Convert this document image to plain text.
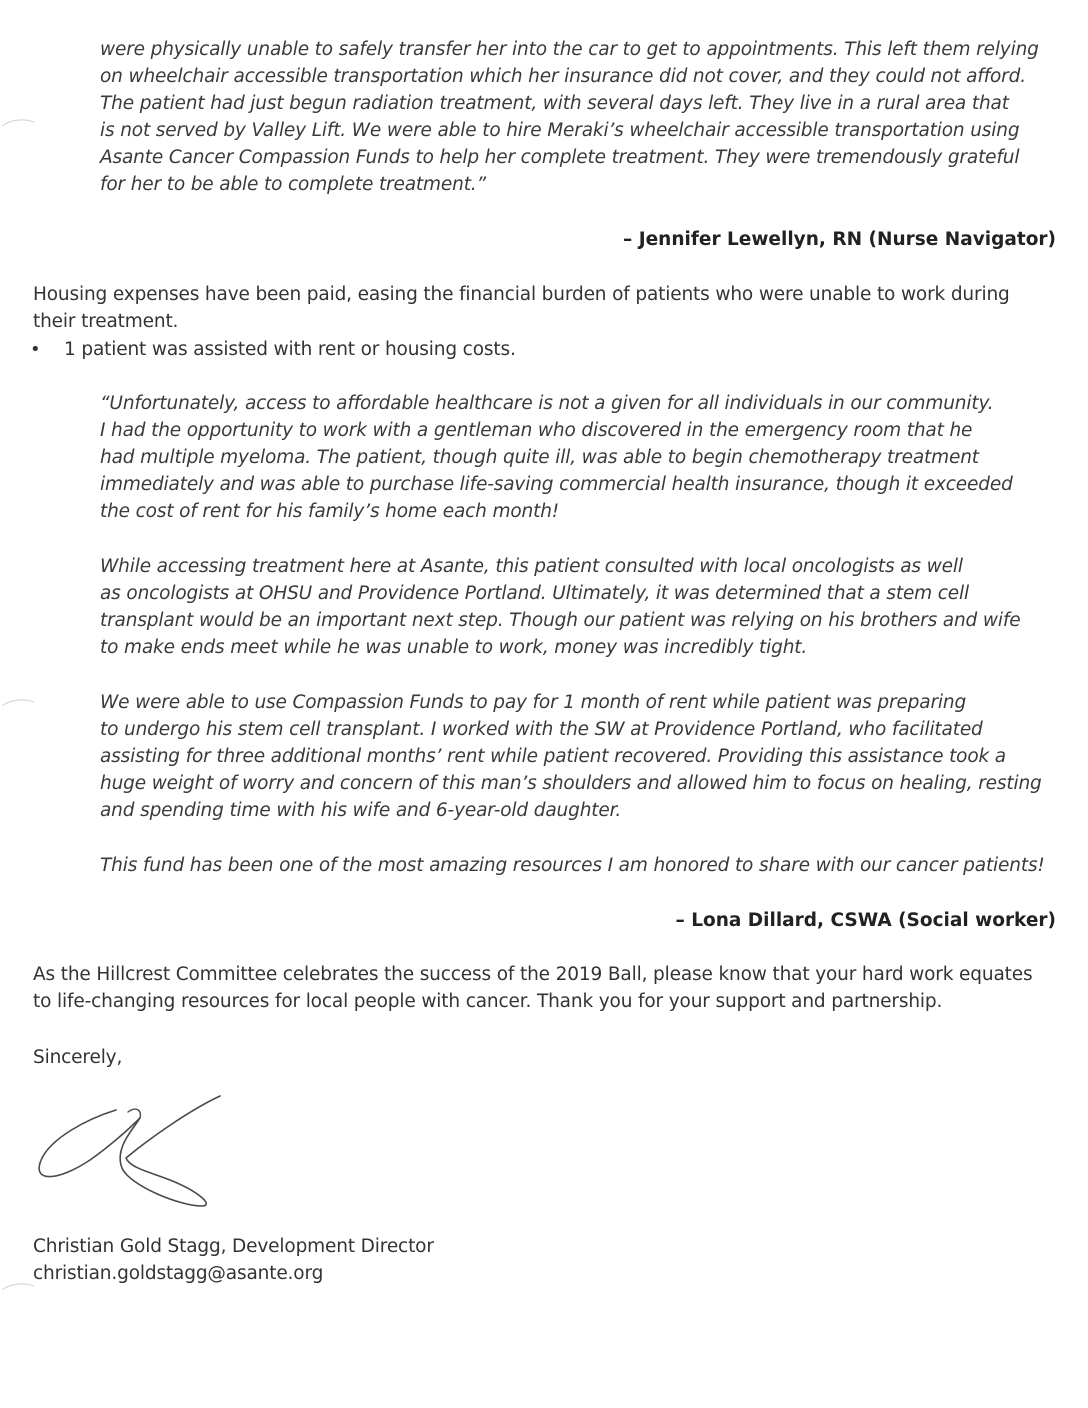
were physically unable to safely transfer her into the car to get to appointments. This left them relying
on wheelchair accessible transportation which her insurance did not cover, and they could not afford.
The patient had just begun radiation treatment, with several days left. They live in a rural area that
is not served by Valley Lift. We were able to hire Meraki’s wheelchair accessible transportation using
Asante Cancer Compassion Funds to help her complete treatment. They were tremendously grateful
for her to be able to complete treatment.”
– Jennifer Lewellyn, RN (Nurse Navigator)
Housing expenses have been paid, easing the financial burden of patients who were unable to work during
their treatment.
• 1 patient was assisted with rent or housing costs.
“Unfortunately, access to affordable healthcare is not a given for all individuals in our community.
I had the opportunity to work with a gentleman who discovered in the emergency room that he
had multiple myeloma. The patient, though quite ill, was able to begin chemotherapy treatment
immediately and was able to purchase life-saving commercial health insurance, though it exceeded
the cost of rent for his family’s home each month!
While accessing treatment here at Asante, this patient consulted with local oncologists as well
as oncologists at OHSU and Providence Portland. Ultimately, it was determined that a stem cell
transplant would be an important next step. Though our patient was relying on his brothers and wife
to make ends meet while he was unable to work, money was incredibly tight.
We were able to use Compassion Funds to pay for 1 month of rent while patient was preparing
to undergo his stem cell transplant. I worked with the SW at Providence Portland, who facilitated
assisting for three additional months’ rent while patient recovered. Providing this assistance took a
huge weight of worry and concern of this man’s shoulders and allowed him to focus on healing, resting
and spending time with his wife and 6-year-old daughter.
This fund has been one of the most amazing resources I am honored to share with our cancer patients!
– Lona Dillard, CSWA (Social worker)
As the Hillcrest Committee celebrates the success of the 2019 Ball, please know that your hard work equates
to life-changing resources for local people with cancer. Thank you for your support and partnership.
Sincerely,
Christian Gold Stagg, Development Director
christian.goldstagg@asante.org
